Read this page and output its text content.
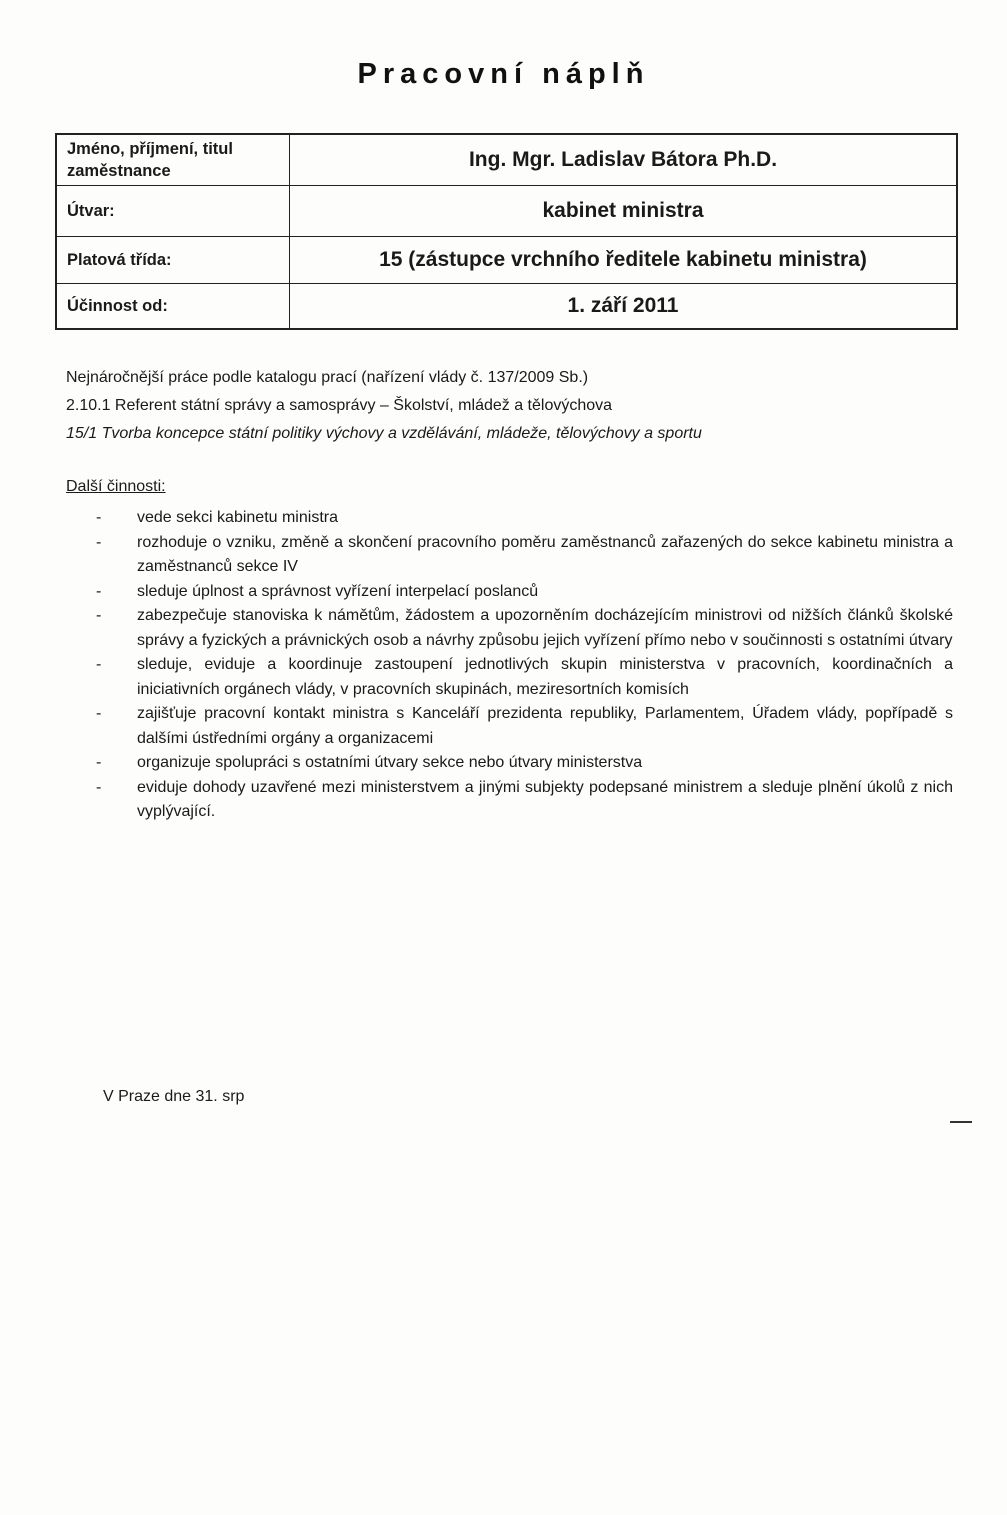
Pracovní náplň
Jméno, příjmení, titul zaměstnance	Ing. Mgr. Ladislav Bátora Ph.D.
Útvar:	kabinet ministra
Platová třída:	15 (zástupce vrchního ředitele kabinetu ministra)
Účinnost od:	1. září 2011
Nejnáročnější práce podle katalogu prací (nařízení vlády č. 137/2009 Sb.)
2.10.1 Referent státní správy a samosprávy – Školství, mládež a tělovýchova
15/1 Tvorba koncepce státní politiky výchovy a vzdělávání, mládeže, tělovýchovy a sportu
Další činnosti:
- vede sekci kabinetu ministra
- rozhoduje o vzniku, změně a skončení pracovního poměru zaměstnanců zařazených do sekce kabinetu ministra a zaměstnanců sekce IV
- sleduje úplnost a správnost vyřízení interpelací poslanců
- zabezpečuje stanoviska k námětům, žádostem a upozorněním docházejícím ministrovi od nižších článků školské správy a fyzických a právnických osob a návrhy způsobu jejich vyřízení přímo nebo v součinnosti s ostatními útvary
- sleduje, eviduje a koordinuje zastoupení jednotlivých skupin ministerstva v pracovních, koordinačních a iniciativních orgánech vlády, v pracovních skupinách, meziresortních komisích
- zajišťuje pracovní kontakt ministra s Kanceláří prezidenta republiky, Parlamentem, Úřadem vlády, popřípadě s dalšími ústředními orgány a organizacemi
- organizuje spolupráci s ostatními útvary sekce nebo útvary ministerstva
- eviduje dohody uzavřené mezi ministerstvem a jinými subjekty podepsané ministrem a sleduje plnění úkolů z nich vyplývající.
V Praze dne 31. srp
